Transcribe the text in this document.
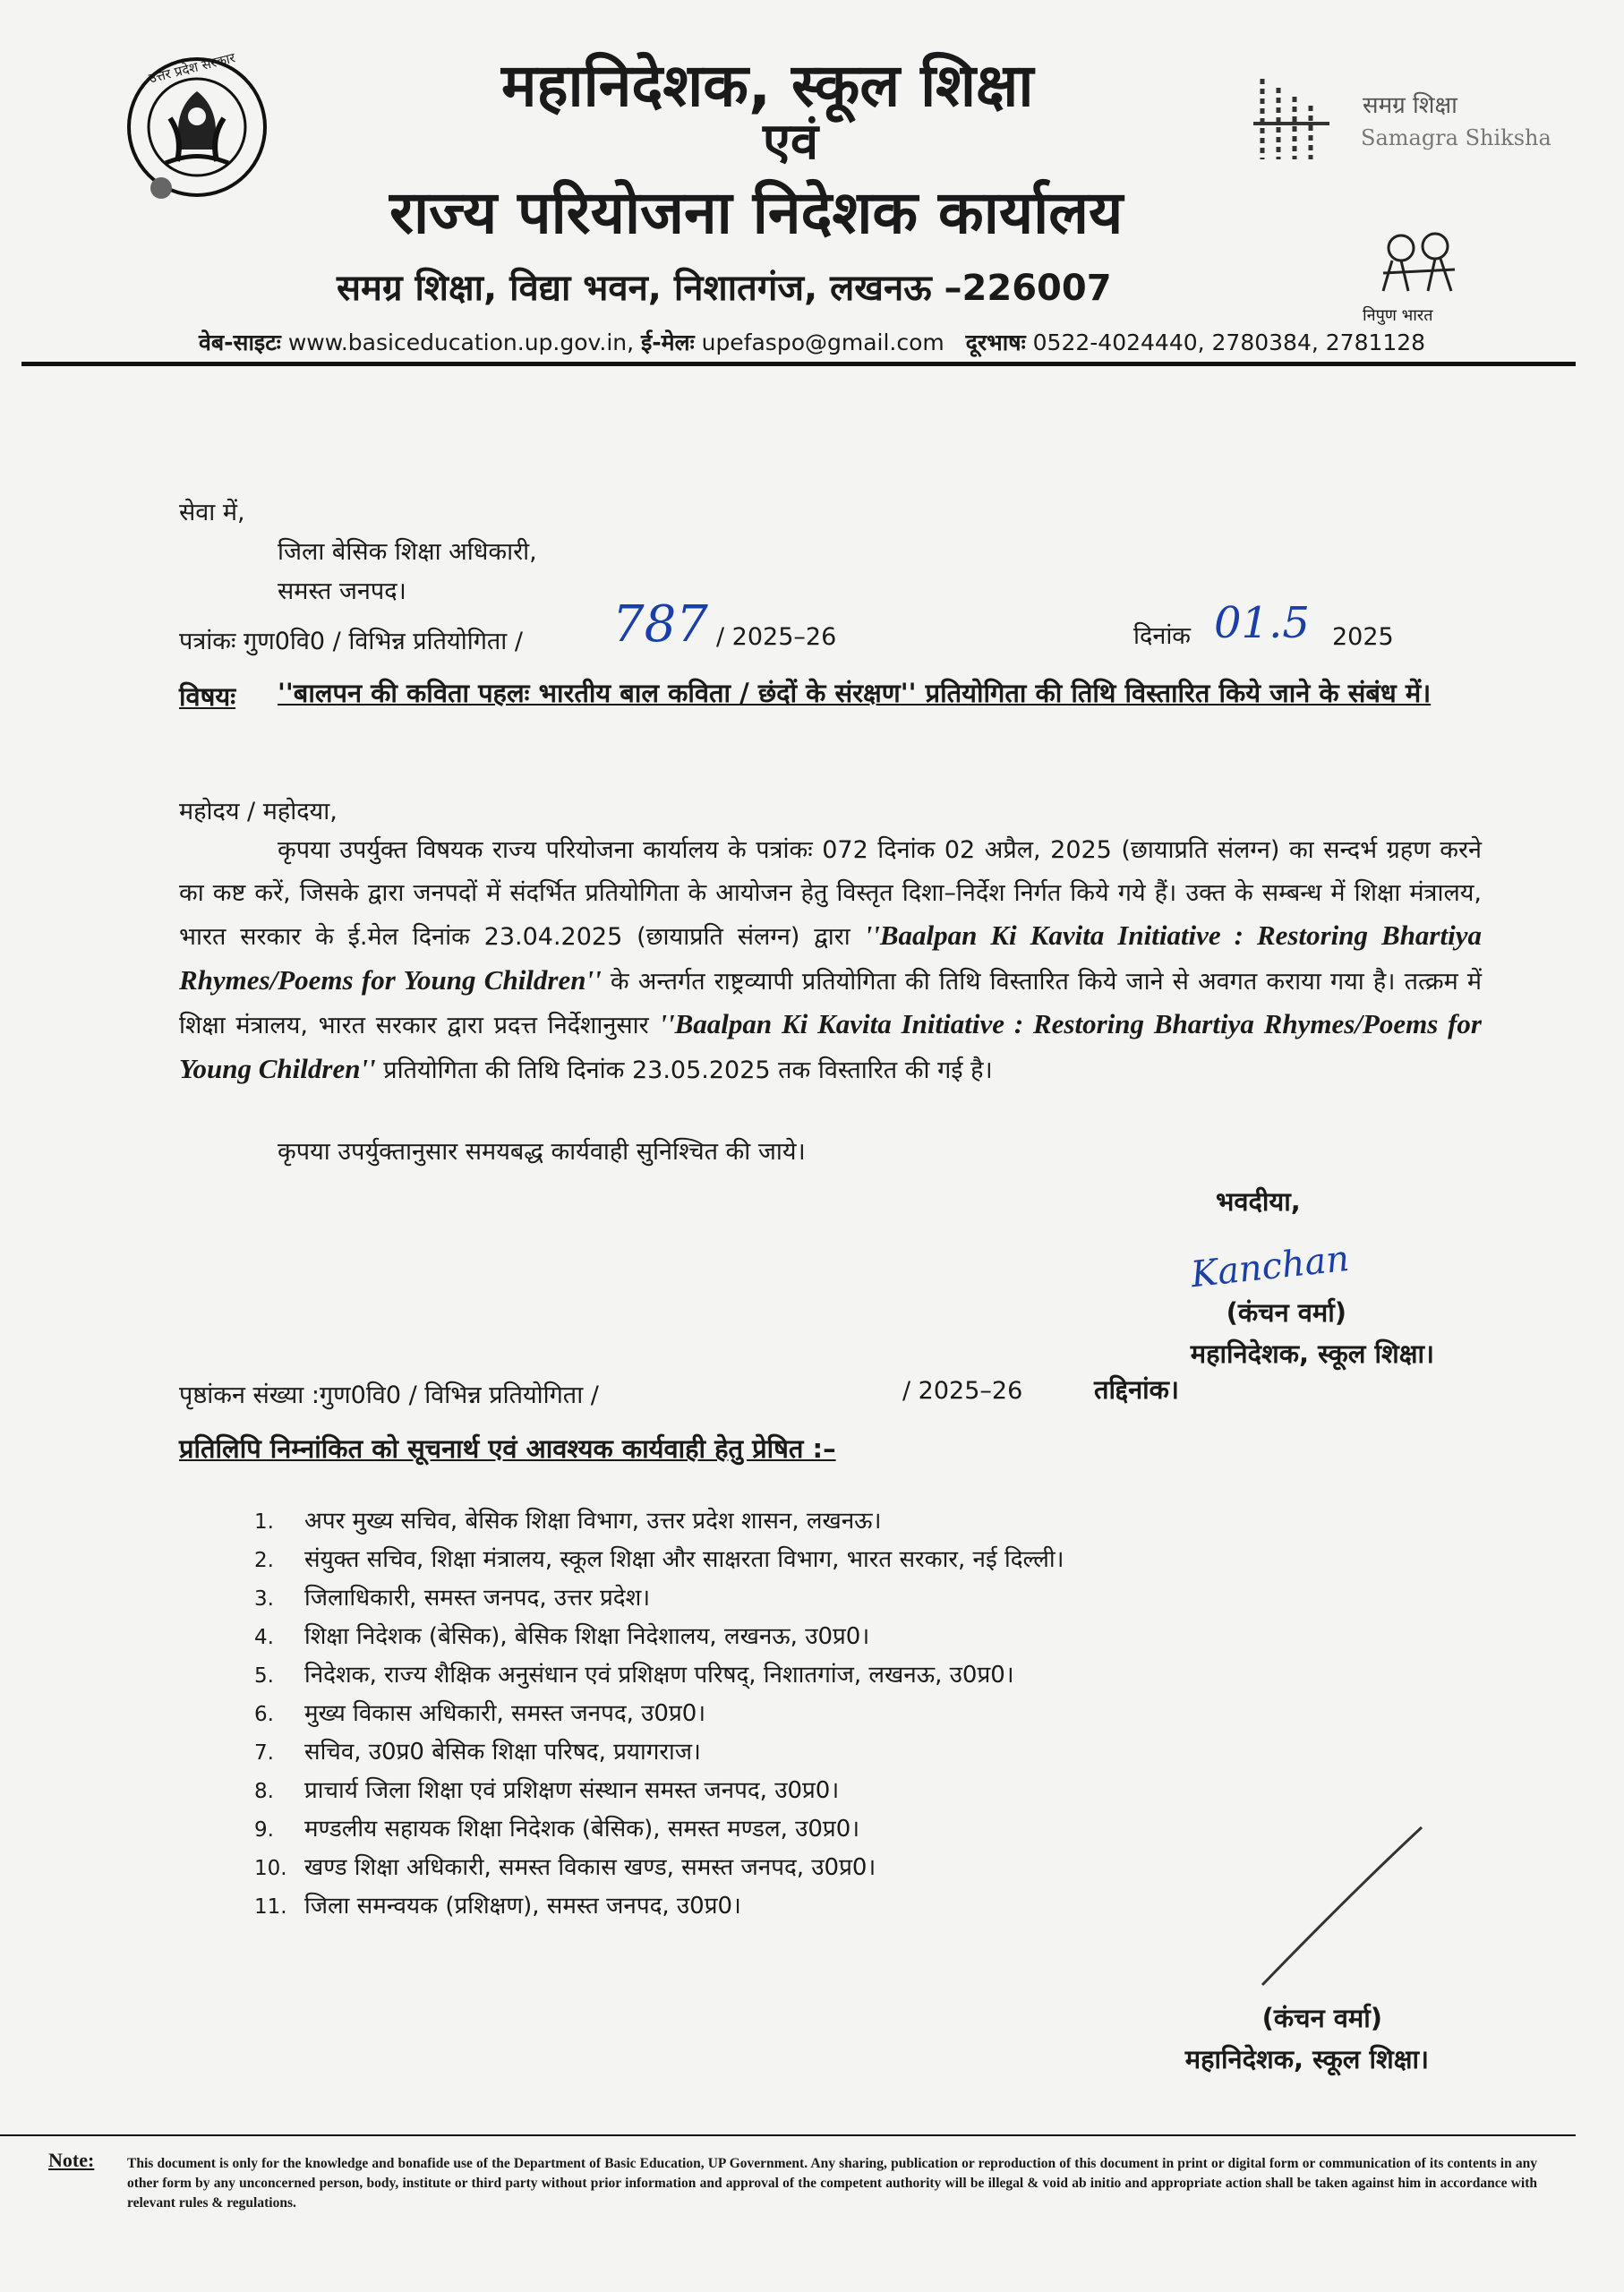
उत्तर प्रदेश सरकार	महानिदेशक, स्कूल शिक्षा
एवं
राज्य परियोजना निदेशक कार्यालय
समग्र शिक्षा, विद्या भवन, निशातगंज, लखनऊ –226007
समग्र शिक्षा
Samagra Shiksha
निपुण भारत
वेब-साइटः www.basiceducation.up.gov.in, ई-मेलः upefaspo@gmail.com दूरभाषः 0522-4024440, 2780384, 2781128
सेवा में,
जिला बेसिक शिक्षा अधिकारी,
समस्त जनपद।
पत्रांकः गुण0वि0 / विभिन्न प्रतियोगिता / 787 / 2025–26	दिनांक 01.5 2025
विषयः ''बालपन की कविता पहलः भारतीय बाल कविता / छंदों के संरक्षण'' प्रतियोगिता की तिथि विस्तारित किये जाने के संबंध में।
महोदय / महोदया,
कृपया उपर्युक्त विषयक राज्य परियोजना कार्यालय के पत्रांकः 072 दिनांक 02 अप्रैल, 2025 (छायाप्रति संलग्न) का सन्दर्भ ग्रहण करने का कष्ट करें, जिसके द्वारा जनपदों में संदर्भित प्रतियोगिता के आयोजन हेतु विस्तृत दिशा–निर्देश निर्गत किये गये हैं। उक्त के सम्बन्ध में शिक्षा मंत्रालय, भारत सरकार के ई.मेल दिनांक 23.04.2025 (छायाप्रति संलग्न) द्वारा ''Baalpan Ki Kavita Initiative : Restoring Bhartiya Rhymes/Poems for Young Children'' के अन्तर्गत राष्ट्रव्यापी प्रतियोगिता की तिथि विस्तारित किये जाने से अवगत कराया गया है। तत्क्रम में शिक्षा मंत्रालय, भारत सरकार द्वारा प्रदत्त निर्देशानुसार ''Baalpan Ki Kavita Initiative : Restoring Bhartiya Rhymes/Poems for Young Children'' प्रतियोगिता की तिथि दिनांक 23.05.2025 तक विस्तारित की गई है।
कृपया उपर्युक्तानुसार समयबद्ध कार्यवाही सुनिश्चित की जाये।
भवदीया,
Kanchan
(कंचन वर्मा)
महानिदेशक, स्कूल शिक्षा।
पृष्ठांकन संख्या :गुण0वि0 / विभिन्न प्रतियोगिता /	/ 2025–26	तद्दिनांक।
प्रतिलिपि निम्नांकित को सूचनार्थ एवं आवश्यक कार्यवाही हेतु प्रेषित :–
1. अपर मुख्य सचिव, बेसिक शिक्षा विभाग, उत्तर प्रदेश शासन, लखनऊ।
2. संयुक्त सचिव, शिक्षा मंत्रालय, स्कूल शिक्षा और साक्षरता विभाग, भारत सरकार, नई दिल्ली।
3. जिलाधिकारी, समस्त जनपद, उत्तर प्रदेश।
4. शिक्षा निदेशक (बेसिक), बेसिक शिक्षा निदेशालय, लखनऊ, उ0प्र0।
5. निदेशक, राज्य शैक्षिक अनुसंधान एवं प्रशिक्षण परिषद्, निशातगांज, लखनऊ, उ0प्र0।
6. मुख्य विकास अधिकारी, समस्त जनपद, उ0प्र0।
7. सचिव, उ0प्र0 बेसिक शिक्षा परिषद, प्रयागराज।
8. प्राचार्य जिला शिक्षा एवं प्रशिक्षण संस्थान समस्त जनपद, उ0प्र0।
9. मण्डलीय सहायक शिक्षा निदेशक (बेसिक), समस्त मण्डल, उ0प्र0।
10. खण्ड शिक्षा अधिकारी, समस्त विकास खण्ड, समस्त जनपद, उ0प्र0।
11. जिला समन्वयक (प्रशिक्षण), समस्त जनपद, उ0प्र0।
(कंचन वर्मा)
महानिदेशक, स्कूल शिक्षा।
Note: This document is only for the knowledge and bonafide use of the Department of Basic Education, UP Government. Any sharing, publication or reproduction of this document in print or digital form or communication of its contents in any other form by any unconcerned person, body, institute or third party without prior information and approval of the competent authority will be illegal & void ab initio and appropriate action shall be taken against him in accordance with relevant rules & regulations.
